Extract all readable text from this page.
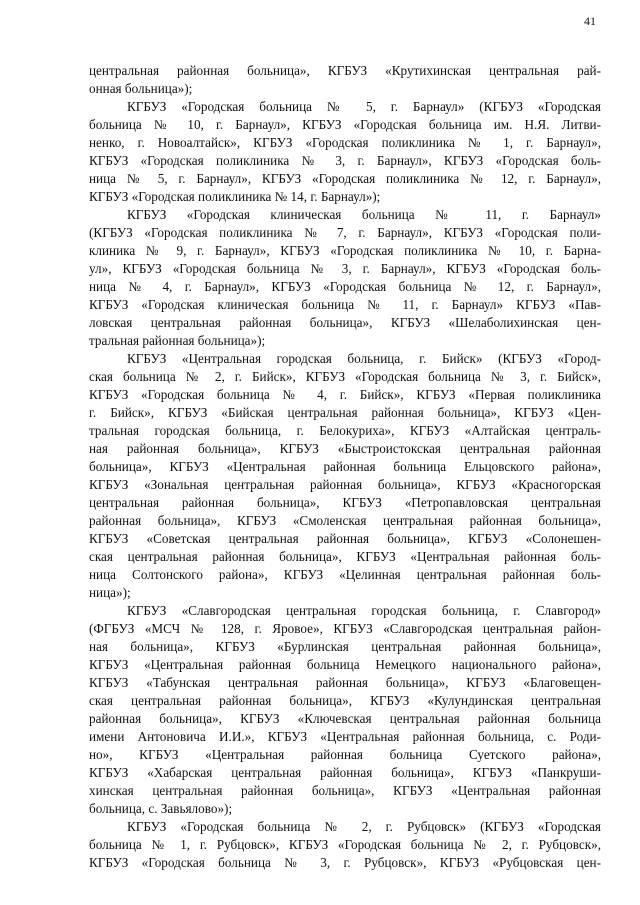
41
центральная районная больница», КГБУЗ «Крутихинская центральная рай-
онная больница»);
КГБУЗ «Городская больница № 5, г. Барнаул» (КГБУЗ «Городская
больница № 10, г. Барнаул», КГБУЗ «Городская больница им. Н.Я. Литви-
ненко, г. Новоалтайск», КГБУЗ «Городская поликлиника № 1, г. Барнаул»,
КГБУЗ «Городская поликлиника № 3, г. Барнаул», КГБУЗ «Городская боль-
ница № 5, г. Барнаул», КГБУЗ «Городская поликлиника № 12, г. Барнаул»,
КГБУЗ «Городская поликлиника № 14, г. Барнаул»);
КГБУЗ «Городская клиническая больница № 11, г. Барнаул»
(КГБУЗ «Городская поликлиника № 7, г. Барнаул», КГБУЗ «Городская поли-
клиника № 9, г. Барнаул», КГБУЗ «Городская поликлиника № 10, г. Барна-
ул», КГБУЗ «Городская больница № 3, г. Барнаул», КГБУЗ «Городская боль-
ница № 4, г. Барнаул», КГБУЗ «Городская больница № 12, г. Барнаул»,
КГБУЗ «Городская клиническая больница № 11, г. Барнаул» КГБУЗ «Пав-
ловская центральная районная больница», КГБУЗ «Шелаболихинская цен-
тральная районная больница»);
КГБУЗ «Центральная городская больница, г. Бийск» (КГБУЗ «Город-
ская больница № 2, г. Бийск», КГБУЗ «Городская больница № 3, г. Бийск»,
КГБУЗ «Городская больница № 4, г. Бийск», КГБУЗ «Первая поликлиника
г. Бийск», КГБУЗ «Бийская центральная районная больница», КГБУЗ «Цен-
тральная городская больница, г. Белокуриха», КГБУЗ «Алтайская централь-
ная районная больница», КГБУЗ «Быстроистокская центральная районная
больница», КГБУЗ «Центральная районная больница Ельцовского района»,
КГБУЗ «Зональная центральная районная больница», КГБУЗ «Красногорская
центральная районная больница», КГБУЗ «Петропавловская центральная
районная больница», КГБУЗ «Смоленская центральная районная больница»,
КГБУЗ «Советская центральная районная больница», КГБУЗ «Солонешен-
ская центральная районная больница», КГБУЗ «Центральная районная боль-
ница Солтонского района», КГБУЗ «Целинная центральная районная боль-
ница»);
КГБУЗ «Славгородская центральная городская больница, г. Славгород»
(ФГБУЗ «МСЧ № 128, г. Яровое», КГБУЗ «Славгородская центральная район-
ная больница», КГБУЗ «Бурлинская центральная районная больница»,
КГБУЗ «Центральная районная больница Немецкого национального района»,
КГБУЗ «Табунская центральная районная больница», КГБУЗ «Благовещен-
ская центральная районная больница», КГБУЗ «Кулундинская центральная
районная больница», КГБУЗ «Ключевская центральная районная больница
имени Антоновича И.И.», КГБУЗ «Центральная районная больница, с. Роди-
но», КГБУЗ «Центральная районная больница Суетского района»,
КГБУЗ «Хабарская центральная районная больница», КГБУЗ «Панкруши-
хинская центральная районная больница», КГБУЗ «Центральная районная
больница, с. Завьялово»);
КГБУЗ «Городская больница № 2, г. Рубцовск» (КГБУЗ «Городская
больница № 1, г. Рубцовск», КГБУЗ «Городская больница № 2, г. Рубцовск»,
КГБУЗ «Городская больница № 3, г. Рубцовск», КГБУЗ «Рубцовская цен-
